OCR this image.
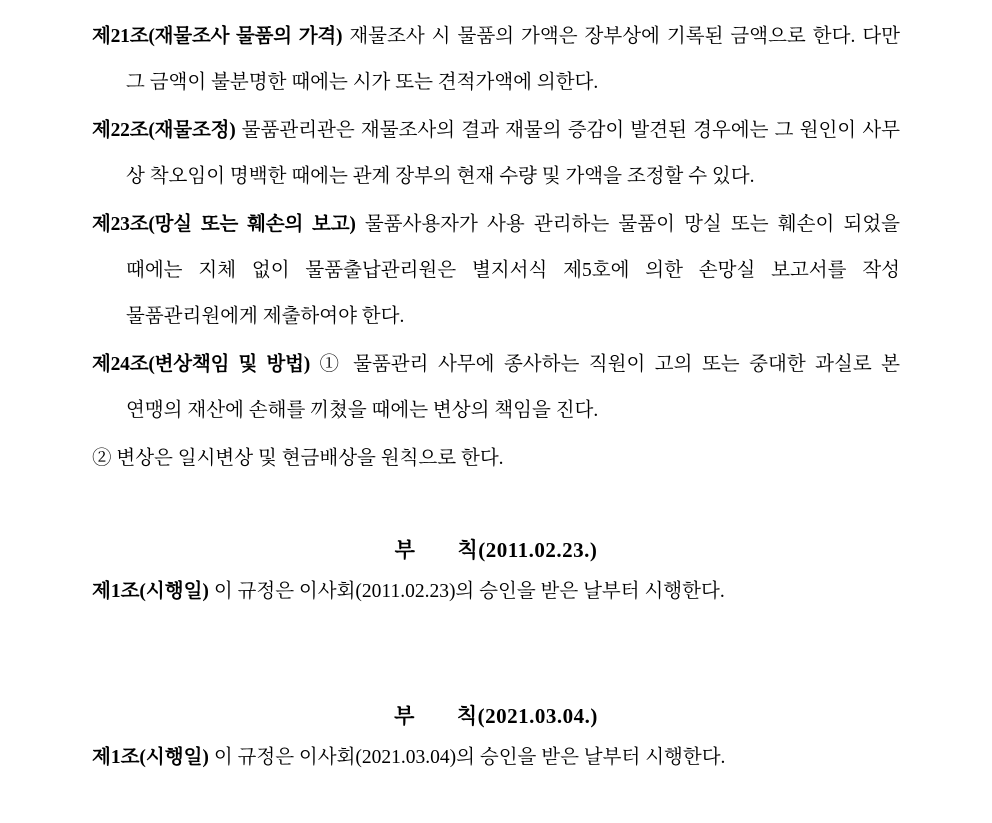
제21조(재물조사 물품의 가격) 재물조사 시 물품의 가액은 장부상에 기록된 금액으로 한다. 다만 그 금액이 불분명한 때에는 시가 또는 견적가액에 의한다.

제22조(재물조정) 물품관리관은 재물조사의 결과 재물의 증감이 발견된 경우에는 그 원인이 사무 상 착오임이 명백한 때에는 관계 장부의 현재 수량 및 가액을 조정할 수 있다.

제23조(망실 또는 훼손의 보고) 물품사용자가 사용 관리하는 물품이 망실 또는 훼손이 되었을 때에는 지체 없이 물품출납관리원은 별지서식 제5호에 의한 손망실 보고서를 작성 물품관리원에게 제출하여야 한다.

제24조(변상책임 및 방법) ① 물품관리 사무에 종사하는 직원이 고의 또는 중대한 과실로 본 연맹의 재산에 손해를 끼쳤을 때에는 변상의 책임을 진다.

② 변상은 일시변상 및 현금배상을 원칙으로 한다.

부 칙(2011.02.23.)

제1조(시행일) 이 규정은 이사회(2011.02.23)의 승인을 받은 날부터 시행한다.

부 칙(2021.03.04.)

제1조(시행일) 이 규정은 이사회(2021.03.04)의 승인을 받은 날부터 시행한다.
